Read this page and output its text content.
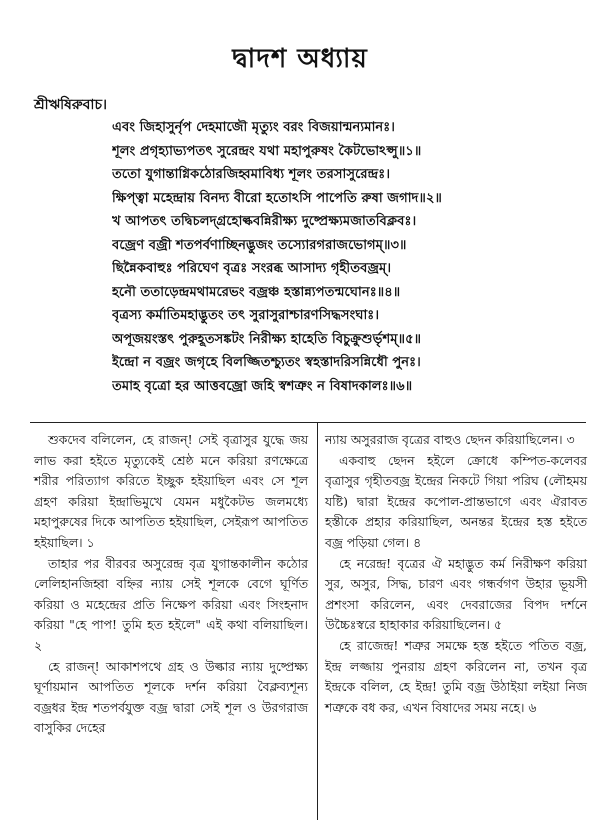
দ্বাদশ অধ্যায়
শ্রীঋষিরুবাচ।
এবং জিহাসুর্নৃপ দেহমাজৌ মৃত্যুং বরং বিজয়ান্মন্যমানঃ।
শূলং প্রগৃহ্যাভ্যপতৎ সুরেন্দ্রং যথা মহাপুরুষং কৈটভোঽপ্সু॥১॥
ততো যুগান্তাগ্নিকঠোরজিহ্বমাবিধ্য শূলং তরসাসুরেন্দ্রঃ।
ক্ষিপ্ত্বা মহেন্দ্রায় বিনদ্য বীরো হতোঽসি পাপেতি রুষা জগাদ॥২॥
খ আপতৎ তদ্বিচলদ্গ্রহোল্কবন্নিরীক্ষ্য দুষ্প্রেক্ষ্যমজাতবিক্লবঃ।
বজ্রেণ বজ্রী শতপর্বণাচ্ছিনদ্ভুজং তস্যোরগরাজভোগম্॥৩॥
ছিন্নৈকবাহুঃ পরিঘেণ বৃত্রঃ সংরব্ধ আসাদ্য গৃহীতবজ্রম্।
হনৌ ততাড়েন্দ্রমথামরেভং বজ্রঞ্চ হস্তান্ন্যপতন্মঘোনঃ॥৪॥
বৃত্রস্য কর্মাতিমহাদ্ভুতং তৎ সুরাসুরাশ্চারণসিদ্ধসংঘাঃ।
অপূজয়ংস্তৎ পুরুহূতসঙ্কটং নিরীক্ষ্য হাহেতি বিচুক্রুশুর্ভৃশম্॥৫॥
ইন্দ্রো ন বজ্রং জগৃহে বিলজ্জিতশ্চ্যুতং স্বহস্তাদরিসন্নিধৌ পুনঃ।
তমাহ বৃত্রো হর আত্তবজ্রো জহি স্বশত্রুং ন বিষাদকালঃ॥৬॥

শুকদেব বলিলেন, হে রাজন্! সেই বৃত্রাসুর যুদ্ধে জয় লাভ করা হইতে মৃত্যুকেই শ্রেষ্ঠ মনে করিয়া রণক্ষেত্রে শরীর পরিত্যাগ করিতে ইচ্ছুক হইয়াছিল এবং সে শূল গ্রহণ করিয়া ইন্দ্রাভিমুখে যেমন মধুকৈটভ জলমধ্যে মহাপুরুষের দিকে আপতিত হইয়াছিল, সেইরূপ আপতিত হইয়াছিল। ১

তাহার পর বীরবর অসুরেন্দ্র বৃত্র যুগান্তকালীন কঠোর লেলিহানজিহ্বা বহ্নির ন্যায় সেই শূলকে বেগে ঘূর্ণিত করিয়া ও মহেন্দ্রের প্রতি নিক্ষেপ করিয়া এবং সিংহনাদ করিয়া "হে পাপ! তুমি হত হইলে" এই কথা বলিয়াছিল। ২

হে রাজন্! আকাশপথে গ্রহ ও উল্কার ন্যায় দুষ্প্রেক্ষ্য ঘূর্ণায়মান আপতিত শূলকে দর্শন করিয়া বৈক্লব্যশূন্য বজ্রধর ইন্দ্র শতপর্বযুক্ত বজ্র দ্বারা সেই শূল ও উরগরাজ বাসুকির দেহের

ন্যায় অসুররাজ বৃত্রের বাহুও ছেদন করিয়াছিলেন। ৩

একবাহু ছেদন হইলে ক্রোধে কম্পিত-কলেবর বৃত্রাসুর গৃহীতবজ্র ইন্দ্রের নিকটে গিয়া পরিঘ (লৌহময় যষ্টি) দ্বারা ইন্দ্রের কপোল-প্রান্তভাগে এবং ঐরাবত হস্তীকে প্রহার করিয়াছিল, অনন্তর ইন্দ্রের হস্ত হইতে বজ্র পড়িয়া গেল। ৪

হে নরেন্দ্র! বৃত্রের ঐ মহাদ্ভুত কর্ম নিরীক্ষণ করিয়া সুর, অসুর, সিদ্ধ, চারণ এবং গন্ধর্বগণ উহার ভূয়সী প্রশংসা করিলেন, এবং দেবরাজের বিপদ দর্শনে উচ্চৈঃস্বরে হাহাকার করিয়াছিলেন। ৫

হে রাজেন্দ্র! শত্রুর সমক্ষে হস্ত হইতে পতিত বজ্র, ইন্দ্র লজ্জায় পুনরায় গ্রহণ করিলেন না, তখন বৃত্র ইন্দ্রকে বলিল, হে ইন্দ্র! তুমি বজ্র উঠাইয়া লইয়া নিজ শত্রুকে বধ কর, এখন বিষাদের সময় নহে। ৬
